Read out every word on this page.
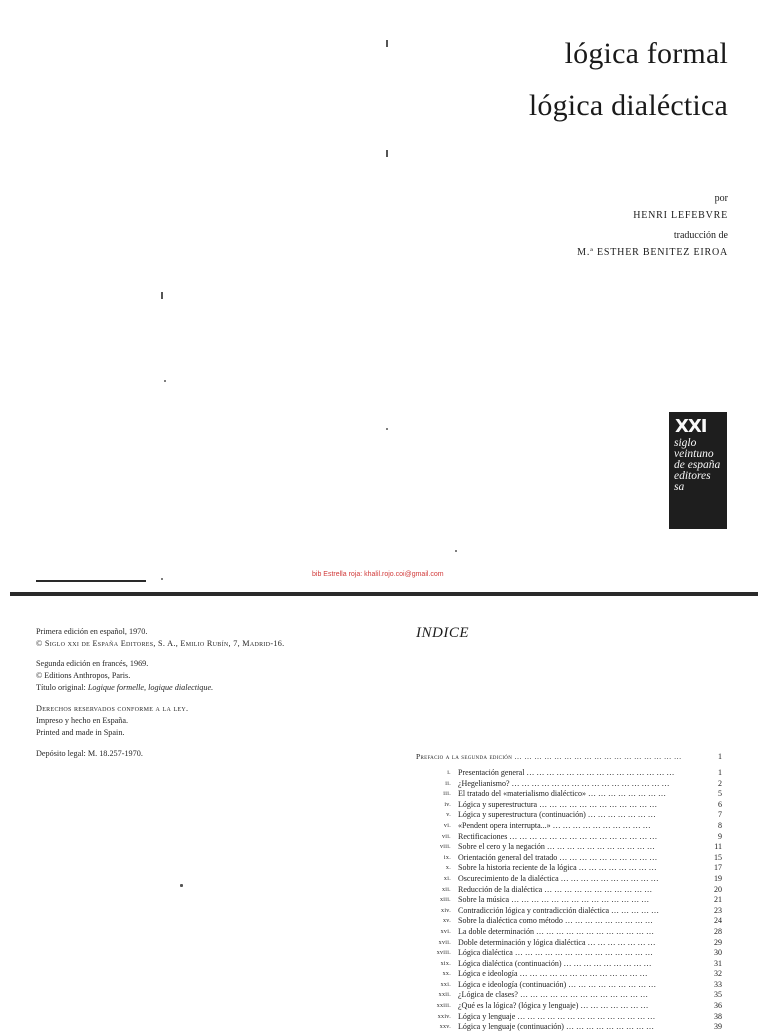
lógica formal
lógica dialéctica
por
HENRI LEFEBVRE
traducción de
M.ª ESTHER BENITEZ EIROA
XXI
siglo
veintuno
de españa
editores
sa
bib Estrella roja: khalil.rojo.coi@gmail.com
Primera edición en español, 1970.
© Siglo xxi de España Editores, S. A., Emilio Rubín, 7, Madrid-16.
Segunda edición en francés, 1969.
© Editions Anthropos, Paris.
Título original: Logique formelle, logique dialectique.
Derechos reservados conforme a la ley.
Impreso y hecho en España.
Printed and made in Spain.
Depósito legal: M. 18.257-1970.
INDICE
Prefacio a la segunda edición … … … … … … … … … … … … … … … … …	1
i. Presentación general … … … … … … … … … … … … … … …	1
ii. ¿Hegelianismo? … … … … … … … … … … … … … … … …	2
iii. El tratado del «materialismo dialéctico» … … … … … … … …	5
iv. Lógica y superestructura … … … … … … … … … … … …	6
v. Lógica y superestructura (continuación) … … … … … … …	7
vi. «Pendent opera interrupta...» … … … … … … … … … …	8
vii. Rectificaciones … … … … … … … … … … … … … … …	9
viii. Sobre el cero y la negación … … … … … … … … … … …	11
ix. Orientación general del tratado … … … … … … … … … …	15
x. Sobre la historia reciente de la lógica … … … … … … … …	17
xi. Oscurecimiento de la dialéctica … … … … … … … … … …	19
xii. Reducción de la dialéctica … … … … … … … … … … …	20
xiii. Sobre la música … … … … … … … … … … … … … …	21
xiv. Contradicción lógica y contradicción dialéctica … … … … …	23
xv. Sobre la dialéctica como método … … … … … … … … …	24
xvi. La doble determinación … … … … … … … … … … … …	28
xvii. Doble determinación y lógica dialéctica … … … … … … …	29
xviii. Lógica dialéctica … … … … … … … … … … … … … …	30
xix. Lógica dialéctica (continuación) … … … … … … … … …	31
xx. Lógica e ideología … … … … … … … … … … … … …	32
xxi. Lógica e ideología (continuación) … … … … … … … … …	33
xxii. ¿Lógica de clases? … … … … … … … … … … … … …	35
xxiii. ¿Qué es la lógica? (lógica y lenguaje) … … … … … … …	36
xxiv. Lógica y lenguaje … … … … … … … … … … … … … …	38
xxv. Lógica y lenguaje (continuación) … … … … … … … … …	39
